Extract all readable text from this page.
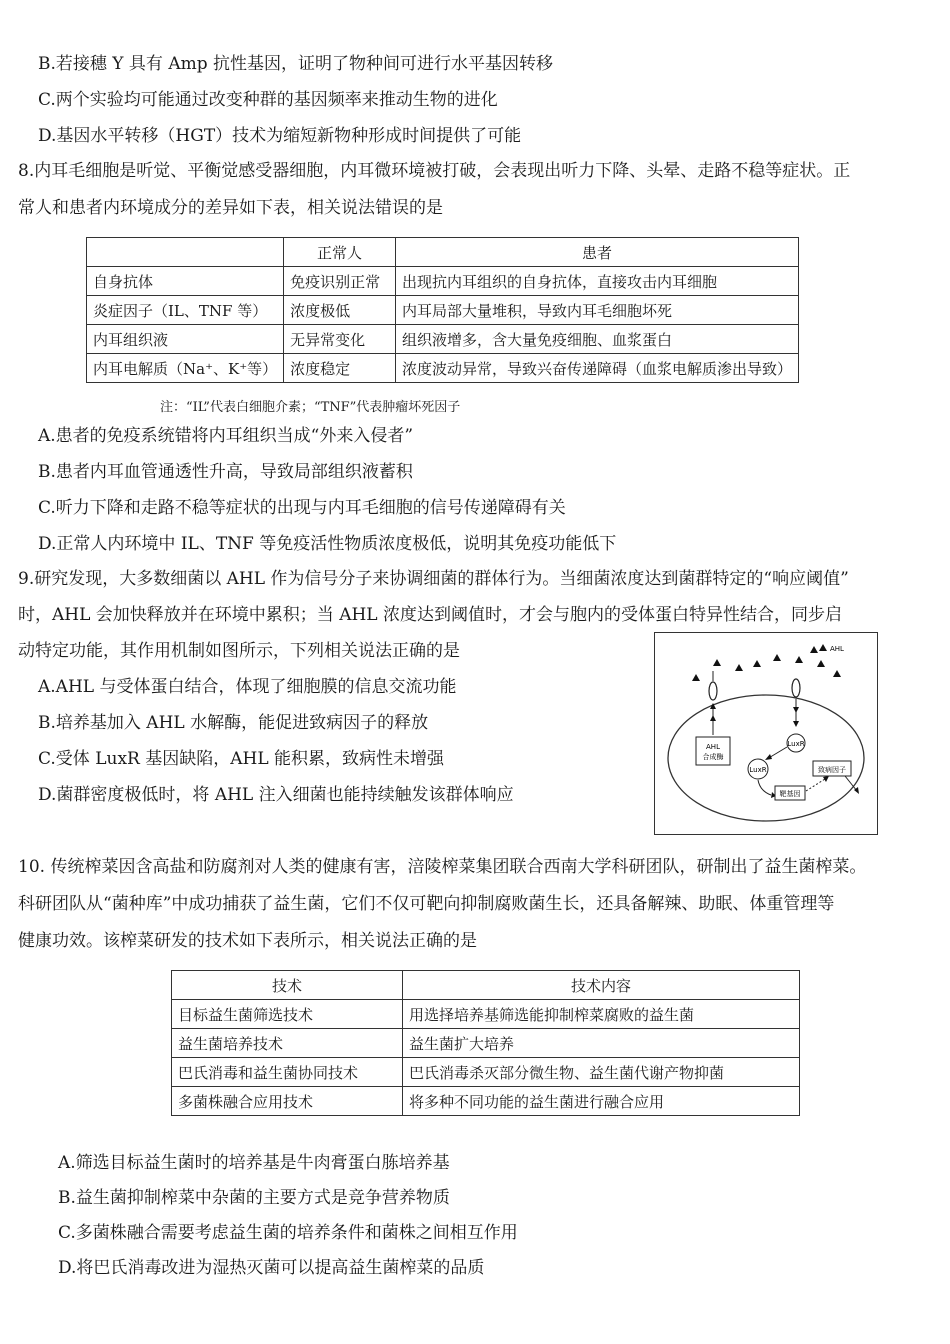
B.若接穗 Y 具有 Amp 抗性基因，证明了物种间可进行水平基因转移
C.两个实验均可能通过改变种群的基因频率来推动生物的进化
D.基因水平转移（HGT）技术为缩短新物种形成时间提供了可能
8.内耳毛细胞是听觉、平衡觉感受器细胞，内耳微环境被打破，会表现出听力下降、头晕、走路不稳等症状。正
常人和患者内环境成分的差异如下表，相关说法错误的是
	正常人	患者
自身抗体	免疫识别正常	出现抗内耳组织的自身抗体，直接攻击内耳细胞
炎症因子（IL、TNF 等）	浓度极低	内耳局部大量堆积，导致内耳毛细胞坏死
内耳组织液	无异常变化	组织液增多，含大量免疫细胞、血浆蛋白
内耳电解质（Na⁺、K⁺等）	浓度稳定	浓度波动异常，导致兴奋传递障碍（血浆电解质渗出导致）
注：“IL”代表白细胞介素；“TNF”代表肿瘤坏死因子
A.患者的免疫系统错将内耳组织当成“外来入侵者”
B.患者内耳血管通透性升高，导致局部组织液蓄积
C.听力下降和走路不稳等症状的出现与内耳毛细胞的信号传递障碍有关
D.正常人内环境中 IL、TNF 等免疫活性物质浓度极低，说明其免疫功能低下
9.研究发现，大多数细菌以 AHL 作为信号分子来协调细菌的群体行为。当细菌浓度达到菌群特定的“响应阈值”
时，AHL 会加快释放并在环境中累积；当 AHL 浓度达到阈值时，才会与胞内的受体蛋白特异性结合，同步启
动特定功能，其作用机制如图所示，下列相关说法正确的是
A.AHL 与受体蛋白结合，体现了细胞膜的信息交流功能
B.培养基加入 AHL 水解酶，能促进致病因子的释放
C.受体 LuxR 基因缺陷，AHL 能积累，致病性未增强
D.菌群密度极低时，将 AHL 注入细菌也能持续触发该群体响应
AHL
AHL
合成酶
LuxR
LuxR
靶基因
致病因子
10. 传统榨菜因含高盐和防腐剂对人类的健康有害，涪陵榨菜集团联合西南大学科研团队，研制出了益生菌榨菜。
科研团队从“菌种库”中成功捕获了益生菌，它们不仅可靶向抑制腐败菌生长，还具备解辣、助眠、体重管理等
健康功效。该榨菜研发的技术如下表所示，相关说法正确的是
技术	技术内容
目标益生菌筛选技术	用选择培养基筛选能抑制榨菜腐败的益生菌
益生菌培养技术	益生菌扩大培养
巴氏消毒和益生菌协同技术	巴氏消毒杀灭部分微生物、益生菌代谢产物抑菌
多菌株融合应用技术	将多种不同功能的益生菌进行融合应用
A.筛选目标益生菌时的培养基是牛肉膏蛋白胨培养基
B.益生菌抑制榨菜中杂菌的主要方式是竞争营养物质
C.多菌株融合需要考虑益生菌的培养条件和菌株之间相互作用
D.将巴氏消毒改进为湿热灭菌可以提高益生菌榨菜的品质
